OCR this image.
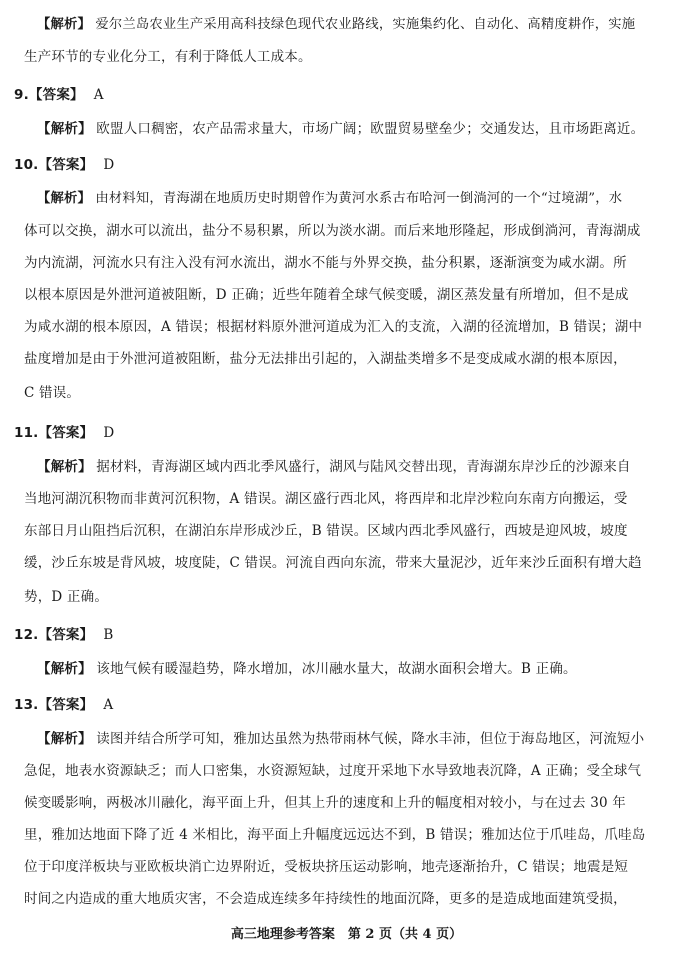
【解析】 爱尔兰岛农业生产采用高科技绿色现代农业路线，实施集约化、自动化、高精度耕作，实施
生产环节的专业化分工，有利于降低人工成本。
9.【答案】 A
【解析】 欧盟人口稠密，农产品需求量大，市场广阔；欧盟贸易壁垒少；交通发达，且市场距离近。
10.【答案】 D
【解析】 由材料知，青海湖在地质历史时期曾作为黄河水系古布哈河一倒淌河的一个“过境湖”，水
体可以交换，湖水可以流出，盐分不易积累，所以为淡水湖。而后来地形隆起，形成倒淌河，青海湖成
为内流湖，河流水只有注入没有河水流出，湖水不能与外界交换，盐分积累，逐渐演变为咸水湖。所
以根本原因是外泄河道被阻断，D 正确；近些年随着全球气候变暖，湖区蒸发量有所增加，但不是成
为咸水湖的根本原因，A 错误；根据材料原外泄河道成为汇入的支流，入湖的径流增加，B 错误；湖中
盐度增加是由于外泄河道被阻断，盐分无法排出引起的，入湖盐类增多不是变成咸水湖的根本原因，
C 错误。
11.【答案】 D
【解析】 据材料，青海湖区域内西北季风盛行，湖风与陆风交替出现，青海湖东岸沙丘的沙源来自
当地河湖沉积物而非黄河沉积物，A 错误。湖区盛行西北风，将西岸和北岸沙粒向东南方向搬运，受
东部日月山阻挡后沉积，在湖泊东岸形成沙丘，B 错误。区域内西北季风盛行，西坡是迎风坡，坡度
缓，沙丘东坡是背风坡，坡度陡，C 错误。河流自西向东流，带来大量泥沙，近年来沙丘面积有增大趋
势，D 正确。
12.【答案】 B
【解析】 该地气候有暖湿趋势，降水增加，冰川融水量大，故湖水面积会增大。B 正确。
13.【答案】 A
【解析】 读图并结合所学可知，雅加达虽然为热带雨林气候，降水丰沛，但位于海岛地区，河流短小
急促，地表水资源缺乏；而人口密集，水资源短缺，过度开采地下水导致地表沉降，A 正确；受全球气
候变暖影响，两极冰川融化，海平面上升，但其上升的速度和上升的幅度相对较小，与在过去 30 年
里，雅加达地面下降了近 4 米相比，海平面上升幅度远远达不到，B 错误；雅加达位于爪哇岛，爪哇岛
位于印度洋板块与亚欧板块消亡边界附近，受板块挤压运动影响，地壳逐渐抬升，C 错误；地震是短
时间之内造成的重大地质灾害，不会造成连续多年持续性的地面沉降，更多的是造成地面建筑受损，
高三地理参考答案　第 2 页（共 4 页）
